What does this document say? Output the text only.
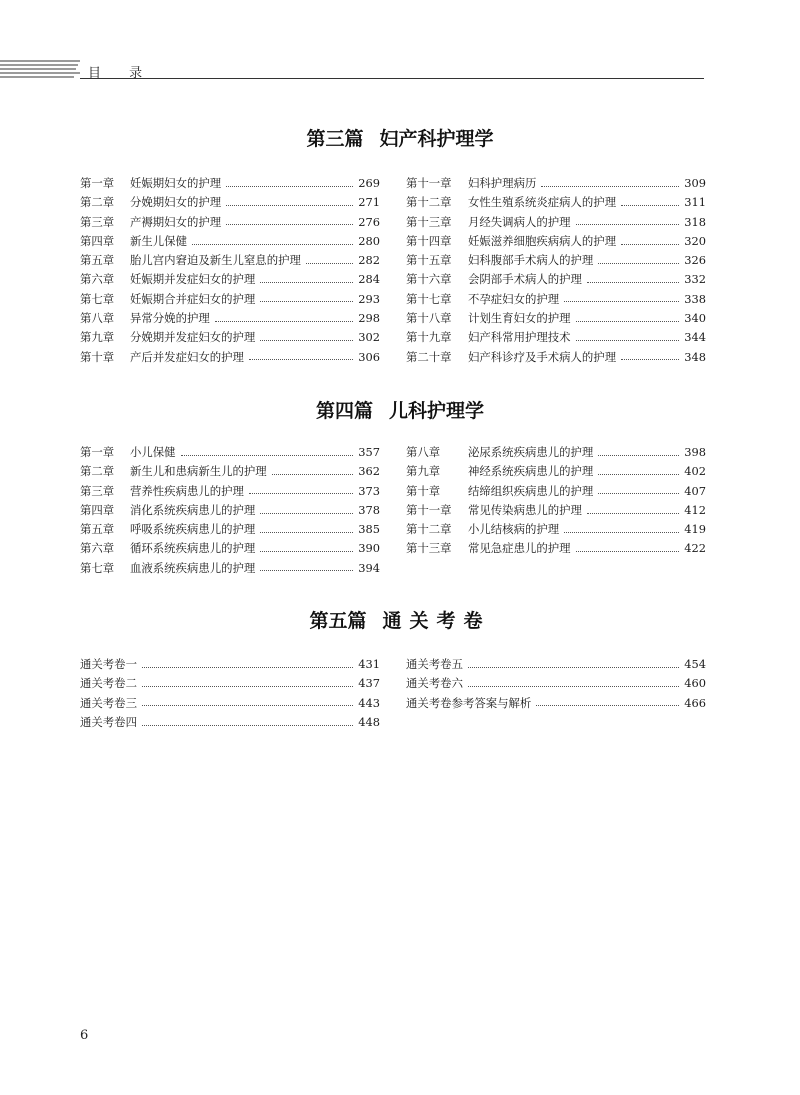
目 录
第三篇 妇产科护理学
第一章	妊娠期妇女的护理	269
第二章	分娩期妇女的护理	271
第三章	产褥期妇女的护理	276
第四章	新生儿保健	280
第五章	胎儿宫内窘迫及新生儿窒息的护理	282
第六章	妊娠期并发症妇女的护理	284
第七章	妊娠期合并症妇女的护理	293
第八章	异常分娩的护理	298
第九章	分娩期并发症妇女的护理	302
第十章	产后并发症妇女的护理	306
第十一章	妇科护理病历	309
第十二章	女性生殖系统炎症病人的护理	311
第十三章	月经失调病人的护理	318
第十四章	妊娠滋养细胞疾病病人的护理	320
第十五章	妇科腹部手术病人的护理	326
第十六章	会阴部手术病人的护理	332
第十七章	不孕症妇女的护理	338
第十八章	计划生育妇女的护理	340
第十九章	妇产科常用护理技术	344
第二十章	妇产科诊疗及手术病人的护理	348
第四篇 儿科护理学
第一章	小儿保健	357
第二章	新生儿和患病新生儿的护理	362
第三章	营养性疾病患儿的护理	373
第四章	消化系统疾病患儿的护理	378
第五章	呼吸系统疾病患儿的护理	385
第六章	循环系统疾病患儿的护理	390
第七章	血液系统疾病患儿的护理	394
第八章	泌尿系统疾病患儿的护理	398
第九章	神经系统疾病患儿的护理	402
第十章	结缔组织疾病患儿的护理	407
第十一章	常见传染病患儿的护理	412
第十二章	小儿结核病的护理	419
第十三章	常见急症患儿的护理	422
第五篇 通关考卷
通关考卷一	431
通关考卷二	437
通关考卷三	443
通关考卷四	448
通关考卷五	454
通关考卷六	460
通关考卷参考答案与解析	466
6
